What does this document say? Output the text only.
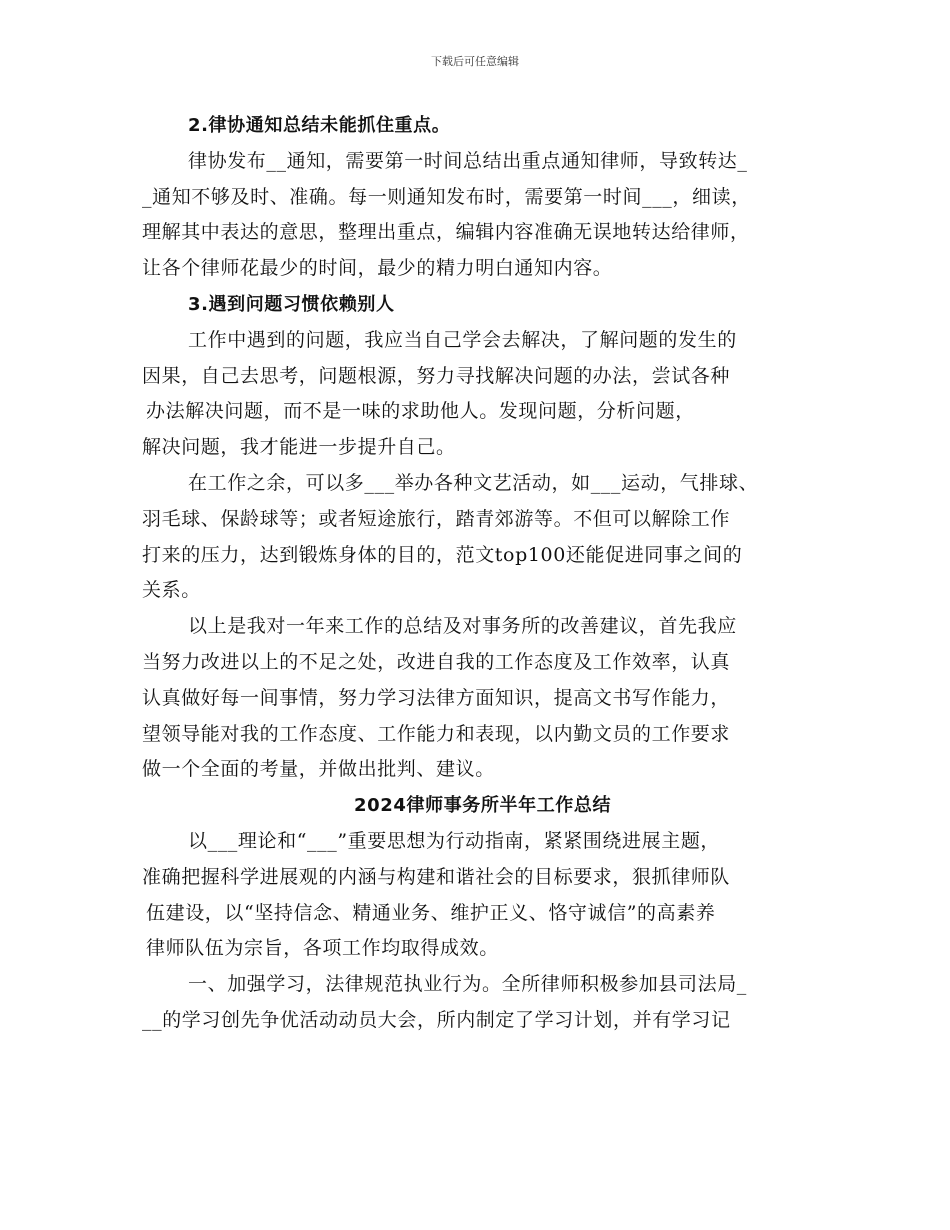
下载后可任意编辑
2.律协通知总结未能抓住重点。
律协发布__通知，需要第一时间总结出重点通知律师，导致转达_
_通知不够及时、准确。每一则通知发布时，需要第一时间___，细读，
理解其中表达的意思，整理出重点，编辑内容准确无误地转达给律师，
让各个律师花最少的时间，最少的精力明白通知内容。
3.遇到问题习惯依赖别人
工作中遇到的问题，我应当自己学会去解决，了解问题的发生的
因果，自己去思考，问题根源，努力寻找解决问题的办法，尝试各种
办法解决问题，而不是一味的求助他人。发现问题，分析问题，
解决问题，我才能进一步提升自己。
在工作之余，可以多___举办各种文艺活动，如___运动，气排球、
羽毛球、保龄球等；或者短途旅行，踏青郊游等。不但可以解除工作
打来的压力，达到锻炼身体的目的，范文top100还能促进同事之间的
关系。
以上是我对一年来工作的总结及对事务所的改善建议，首先我应
当努力改进以上的不足之处，改进自我的工作态度及工作效率，认真
认真做好每一间事情，努力学习法律方面知识，提高文书写作能力，
望领导能对我的工作态度、工作能力和表现，以内勤文员的工作要求
做一个全面的考量，并做出批判、建议。
2024律师事务所半年工作总结
以___理论和“___”重要思想为行动指南，紧紧围绕进展主题，
准确把握科学进展观的内涵与构建和谐社会的目标要求，狠抓律师队
伍建设，以“坚持信念、精通业务、维护正义、恪守诚信”的高素养
律师队伍为宗旨，各项工作均取得成效。
一、加强学习，法律规范执业行为。全所律师积极参加县司法局_
__的学习创先争优活动动员大会，所内制定了学习计划，并有学习记
